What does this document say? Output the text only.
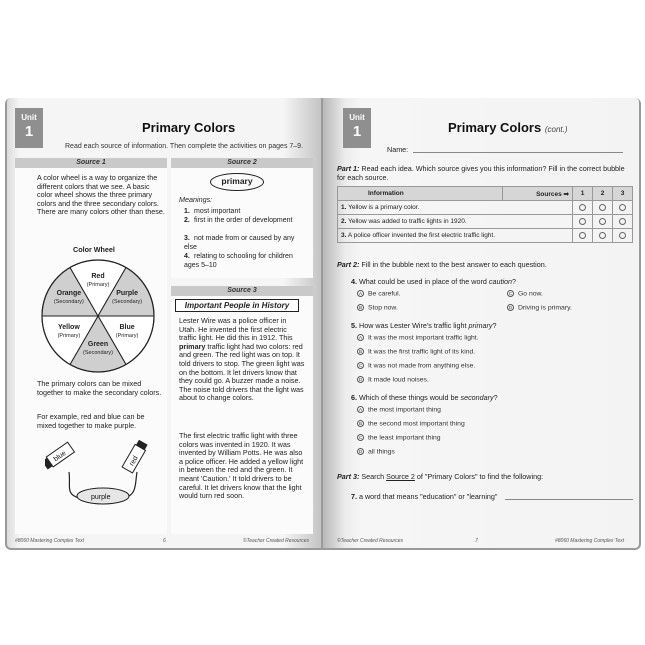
Unit
1	Primary Colors
Read each source of information. Then complete the activities on pages 7–9.
Source 1
A color wheel is a way to organize the different colors that we see. A basic color wheel shows the three primary colors and the three secondary colors. There are many colors other than these.
Color Wheel
Orange
(Secondary)
Red
(Primary)
Purple
(Secondary)
Blue
(Primary)
Green
(Secondary)
Yellow
(Primary)
The primary colors can be mixed together to make the secondary colors.
For example, red and blue can be mixed together to make purple.
blue	red
purple
Source 2
primary
Meanings:
1. most important
2. first in the order of development
3. not made from or caused by any else
4. relating to schooling for children ages 5–10
Source 3
Important People in History
Lester Wire was a police officer in Utah. He invented the first electric traffic light. He did this in 1912. This primary traffic light had two colors: red and green. The red light was on top. It told drivers to stop. The green light was on the bottom. It let drivers know that they could go. A buzzer made a noise. The noise told drivers that the light was about to change colors.
The first electric traffic light with three colors was invented in 1920. It was invented by William Potts. He was also a police officer. He added a yellow light in between the red and the green. It meant 'Caution.' It told drivers to be careful. It let drivers know that the light would turn red soon.
#8060 Mastering Complex Text	6	©Teacher Created Resources
Unit
1	Primary Colors (cont.)
Name:
Part 1: Read each idea. Which source gives you this information? Fill in the correct bubble for each source.
Information	Sources ➡	1	2	3
1. Yellow is a primary color.				
2. Yellow was added to traffic lights in 1920.				
3. A police officer invented the first electric traffic light.				
Part 2: Fill in the bubble next to the best answer to each question.
4. What could be used in place of the word caution?
A Be careful.	C Go now.
B Stop now.	D Driving is primary.
5. How was Lester Wire's traffic light primary?
A It was the most important traffic light.
B It was the first traffic light of its kind.
C It was not made from anything else.
D It made loud noises.
6. Which of these things would be secondary?
A the most important thing
B the second most important thing
C the least important thing
D all things
Part 3: Search Source 2 of "Primary Colors" to find the following:
7. a word that means "education" or "learning"
©Teacher Created Resources	7	#8060 Mastering Complex Text
